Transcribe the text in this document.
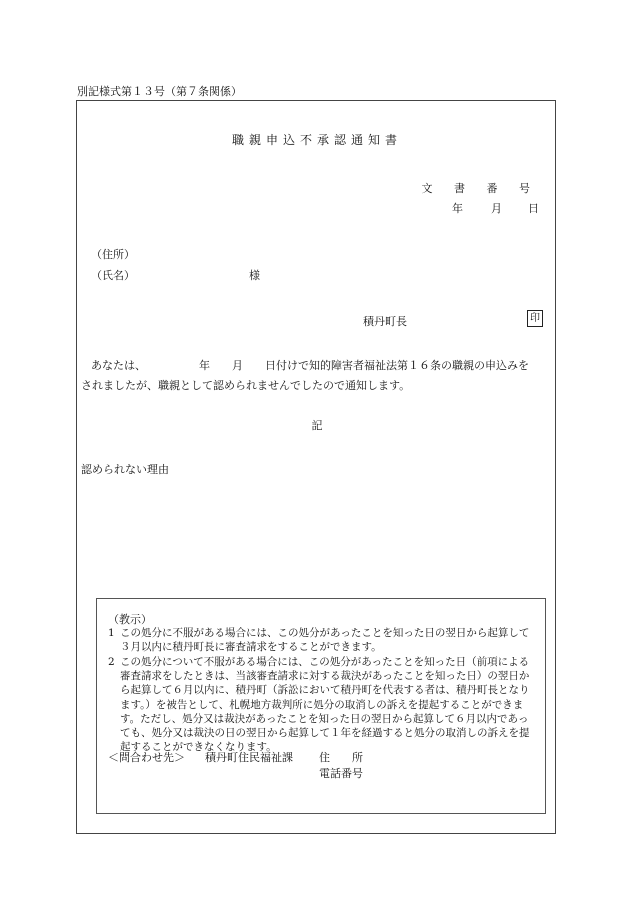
別記様式第１３号（第７条関係）
職親申込不承認通知書
文 書 番 号
年	月 日
（住所）
（氏名）	様
積丹町長	印
あなたは、	年 月 日付けで知的障害者福祉法第１６条の職親の申込みを
されましたが、職親として認められませんでしたので通知します。
記
認められない理由
（教示）
1 この処分に不服がある場合には、この処分があったことを知った日の翌日から起算して３月以内に積丹町長に審査請求をすることができます。
2 この処分について不服がある場合には、この処分があったことを知った日（前項による審査請求をしたときは、当該審査請求に対する裁決があったことを知った日）の翌日から起算して６月以内に、積丹町（訴訟において積丹町を代表する者は、積丹町長となります。）を被告として、札幌地方裁判所に処分の取消しの訴えを提起することができます。ただし、処分又は裁決があったことを知った日の翌日から起算して６月以内であっても、処分又は裁決の日の翌日から起算して１年を経過すると処分の取消しの訴えを提起することができなくなります。
＜問合わせ先＞ 積丹町住民福祉課 住　　所
電話番号
